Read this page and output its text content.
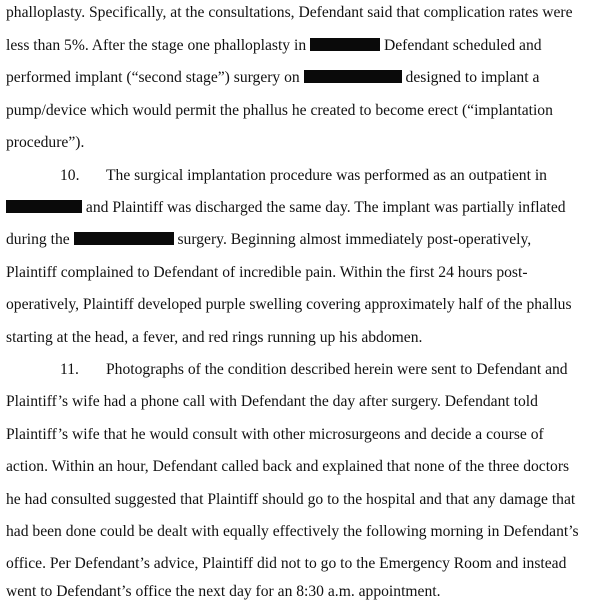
phalloplasty. Specifically, at the consultations, Defendant said that complication rates were
less than 5%. After the stage one phalloplasty in	Defendant scheduled and
performed implant (“second stage”) surgery on	designed to implant a
pump/device which would permit the phallus he created to become erect (“implantation
procedure”).
10. The surgical implantation procedure was performed as an outpatient in
and Plaintiff was discharged the same day. The implant was partially inflated
during the	surgery. Beginning almost immediately post-operatively,
Plaintiff complained to Defendant of incredible pain. Within the first 24 hours post-
operatively, Plaintiff developed purple swelling covering approximately half of the phallus
starting at the head, a fever, and red rings running up his abdomen.
11. Photographs of the condition described herein were sent to Defendant and
Plaintiff’s wife had a phone call with Defendant the day after surgery. Defendant told
Plaintiff’s wife that he would consult with other microsurgeons and decide a course of
action. Within an hour, Defendant called back and explained that none of the three doctors
he had consulted suggested that Plaintiff should go to the hospital and that any damage that
had been done could be dealt with equally effectively the following morning in Defendant’s
office. Per Defendant’s advice, Plaintiff did not to go to the Emergency Room and instead
went to Defendant’s office the next day for an 8:30 a.m. appointment.
